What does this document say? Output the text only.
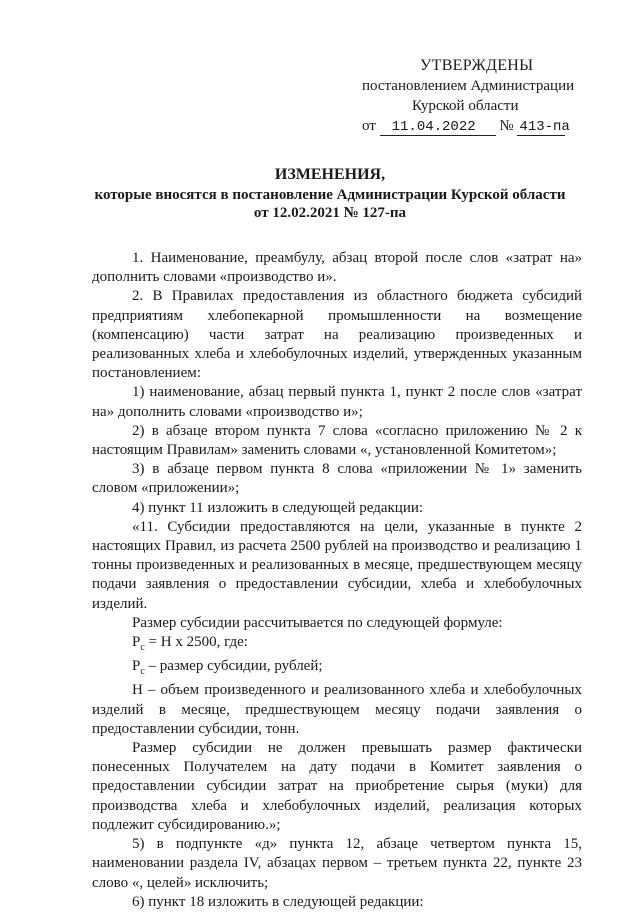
УТВЕРЖДЕНЫ
постановлением Администрации
Курской области
от 11.04.2022 № 413-па
ИЗМЕНЕНИЯ,
которые вносятся в постановление Администрации Курской области
от 12.02.2021 № 127-па

1. Наименование, преамбулу, абзац второй после слов «затрат на» дополнить словами «производство и».

2. В Правилах предоставления из областного бюджета субсидий предприятиям хлебопекарной промышленности на возмещение (компенсацию) части затрат на реализацию произведенных и реализованных хлеба и хлебобулочных изделий, утвержденных указанным постановлением:

1) наименование, абзац первый пункта 1, пункт 2 после слов «затрат на» дополнить словами «производство и»;

2) в абзаце втором пункта 7 слова «согласно приложению № 2 к настоящим Правилам» заменить словами «, установленной Комитетом»;

3) в абзаце первом пункта 8 слова «приложении № 1» заменить словом «приложении»;

4) пункт 11 изложить в следующей редакции:

«11. Субсидии предоставляются на цели, указанные в пункте 2 настоящих Правил, из расчета 2500 рублей на производство и реализацию 1 тонны произведенных и реализованных в месяце, предшествующем месяцу подачи заявления о предоставлении субсидии, хлеба и хлебобулочных изделий.

Размер субсидии рассчитывается по следующей формуле:

$Р_с = Н$ x 2500, где:

$Р_с$ – размер субсидии, рублей;

Н – объем произведенного и реализованного хлеба и хлебобулочных изделий в месяце, предшествующем месяцу подачи заявления о предоставлении субсидии, тонн.

Размер субсидии не должен превышать размер фактически понесенных Получателем на дату подачи в Комитет заявления о предоставлении субсидии затрат на приобретение сырья (муки) для производства хлеба и хлебобулочных изделий, реализация которых подлежит субсидированию.»;

5) в подпункте «д» пункта 12, абзаце четвертом пункта 15, наименовании раздела IV, абзацах первом – третьем пункта 22, пункте 23 слово «, целей» исключить;

6) пункт 18 изложить в следующей редакции:
